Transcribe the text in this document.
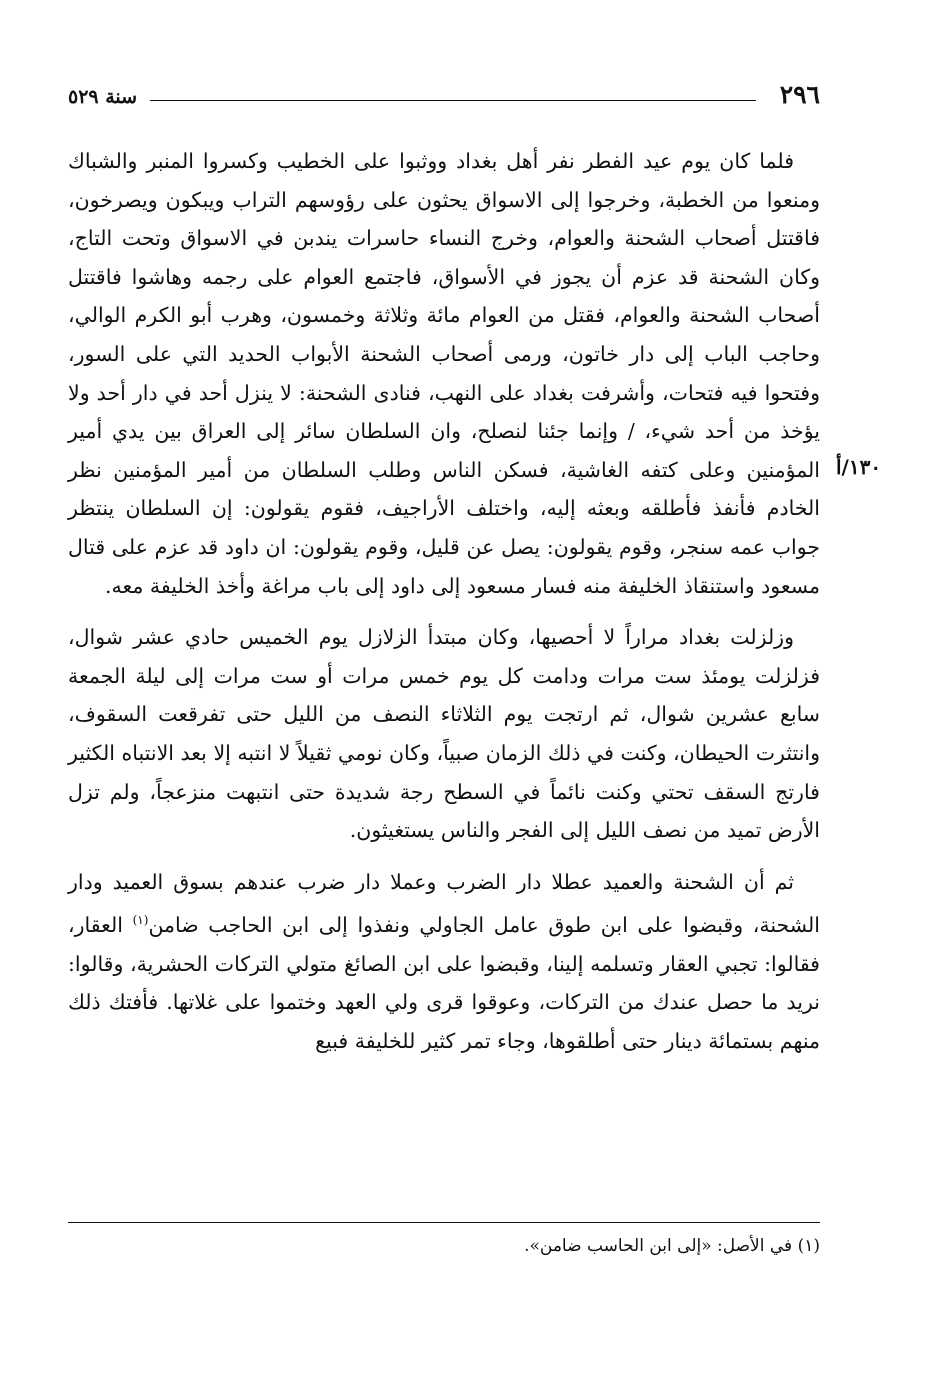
٢٩٦
سنة ٥٢٩
١٣٠/أ

فلما كان يوم عيد الفطر نفر أهل بغداد ووثبوا على الخطيب وكسروا المنبر والشباك ومنعوا من الخطبة، وخرجوا إلى الاسواق يحثون على رؤوسهم التراب ويبكون ويصرخون، فاقتتل أصحاب الشحنة والعوام، وخرج النساء حاسرات يندبن في الاسواق وتحت التاج، وكان الشحنة قد عزم أن يجوز في الأسواق، فاجتمع العوام على رجمه وهاشوا فاقتتل أصحاب الشحنة والعوام، فقتل من العوام مائة وثلاثة وخمسون، وهرب أبو الكرم الوالي، وحاجب الباب إلى دار خاتون، ورمى أصحاب الشحنة الأبواب الحديد التي على السور، وفتحوا فيه فتحات، وأشرفت بغداد على النهب، فنادى الشحنة: لا ينزل أحد في دار أحد ولا يؤخذ من أحد شيء، / وإنما جئنا لنصلح، وان السلطان سائر إلى العراق بين يدي أمير المؤمنين وعلى كتفه الغاشية، فسكن الناس وطلب السلطان من أمير المؤمنين نظر الخادم فأنفذ فأطلقه وبعثه إليه، واختلف الأراجيف، فقوم يقولون: إن السلطان ينتظر جواب عمه سنجر، وقوم يقولون: يصل عن قليل، وقوم يقولون: ان داود قد عزم على قتال مسعود واستنقاذ الخليفة منه فسار مسعود إلى داود إلى باب مراغة وأخذ الخليفة معه.

وزلزلت بغداد مراراً لا أحصيها، وكان مبتدأ الزلازل يوم الخميس حادي عشر شوال، فزلزلت يومئذ ست مرات ودامت كل يوم خمس مرات أو ست مرات إلى ليلة الجمعة سابع عشرين شوال، ثم ارتجت يوم الثلاثاء النصف من الليل حتى تفرقعت السقوف، وانتثرت الحيطان، وكنت في ذلك الزمان صبياً، وكان نومي ثقيلاً لا انتبه إلا بعد الانتباه الكثير فارتج السقف تحتي وكنت نائماً في السطح رجة شديدة حتى انتبهت منزعجاً، ولم تزل الأرض تميد من نصف الليل إلى الفجر والناس يستغيثون.

ثم أن الشحنة والعميد عطلا دار الضرب وعملا دار ضرب عندهم بسوق العميد ودار الشحنة، وقبضوا على ابن طوق عامل الجاولي ونفذوا إلى ابن الحاجب ضامن$^{(١)}$ العقار، فقالوا: تجبي العقار وتسلمه إلينا، وقبضوا على ابن الصائغ متولي التركات الحشرية، وقالوا: نريد ما حصل عندك من التركات، وعوقوا قرى ولي العهد وختموا على غلاتها. فأفتك ذلك منهم بستمائة دينار حتى أطلقوها، وجاء تمر كثير للخليفة فبيع

(١) في الأصل: «إلى ابن الحاسب ضامن».
